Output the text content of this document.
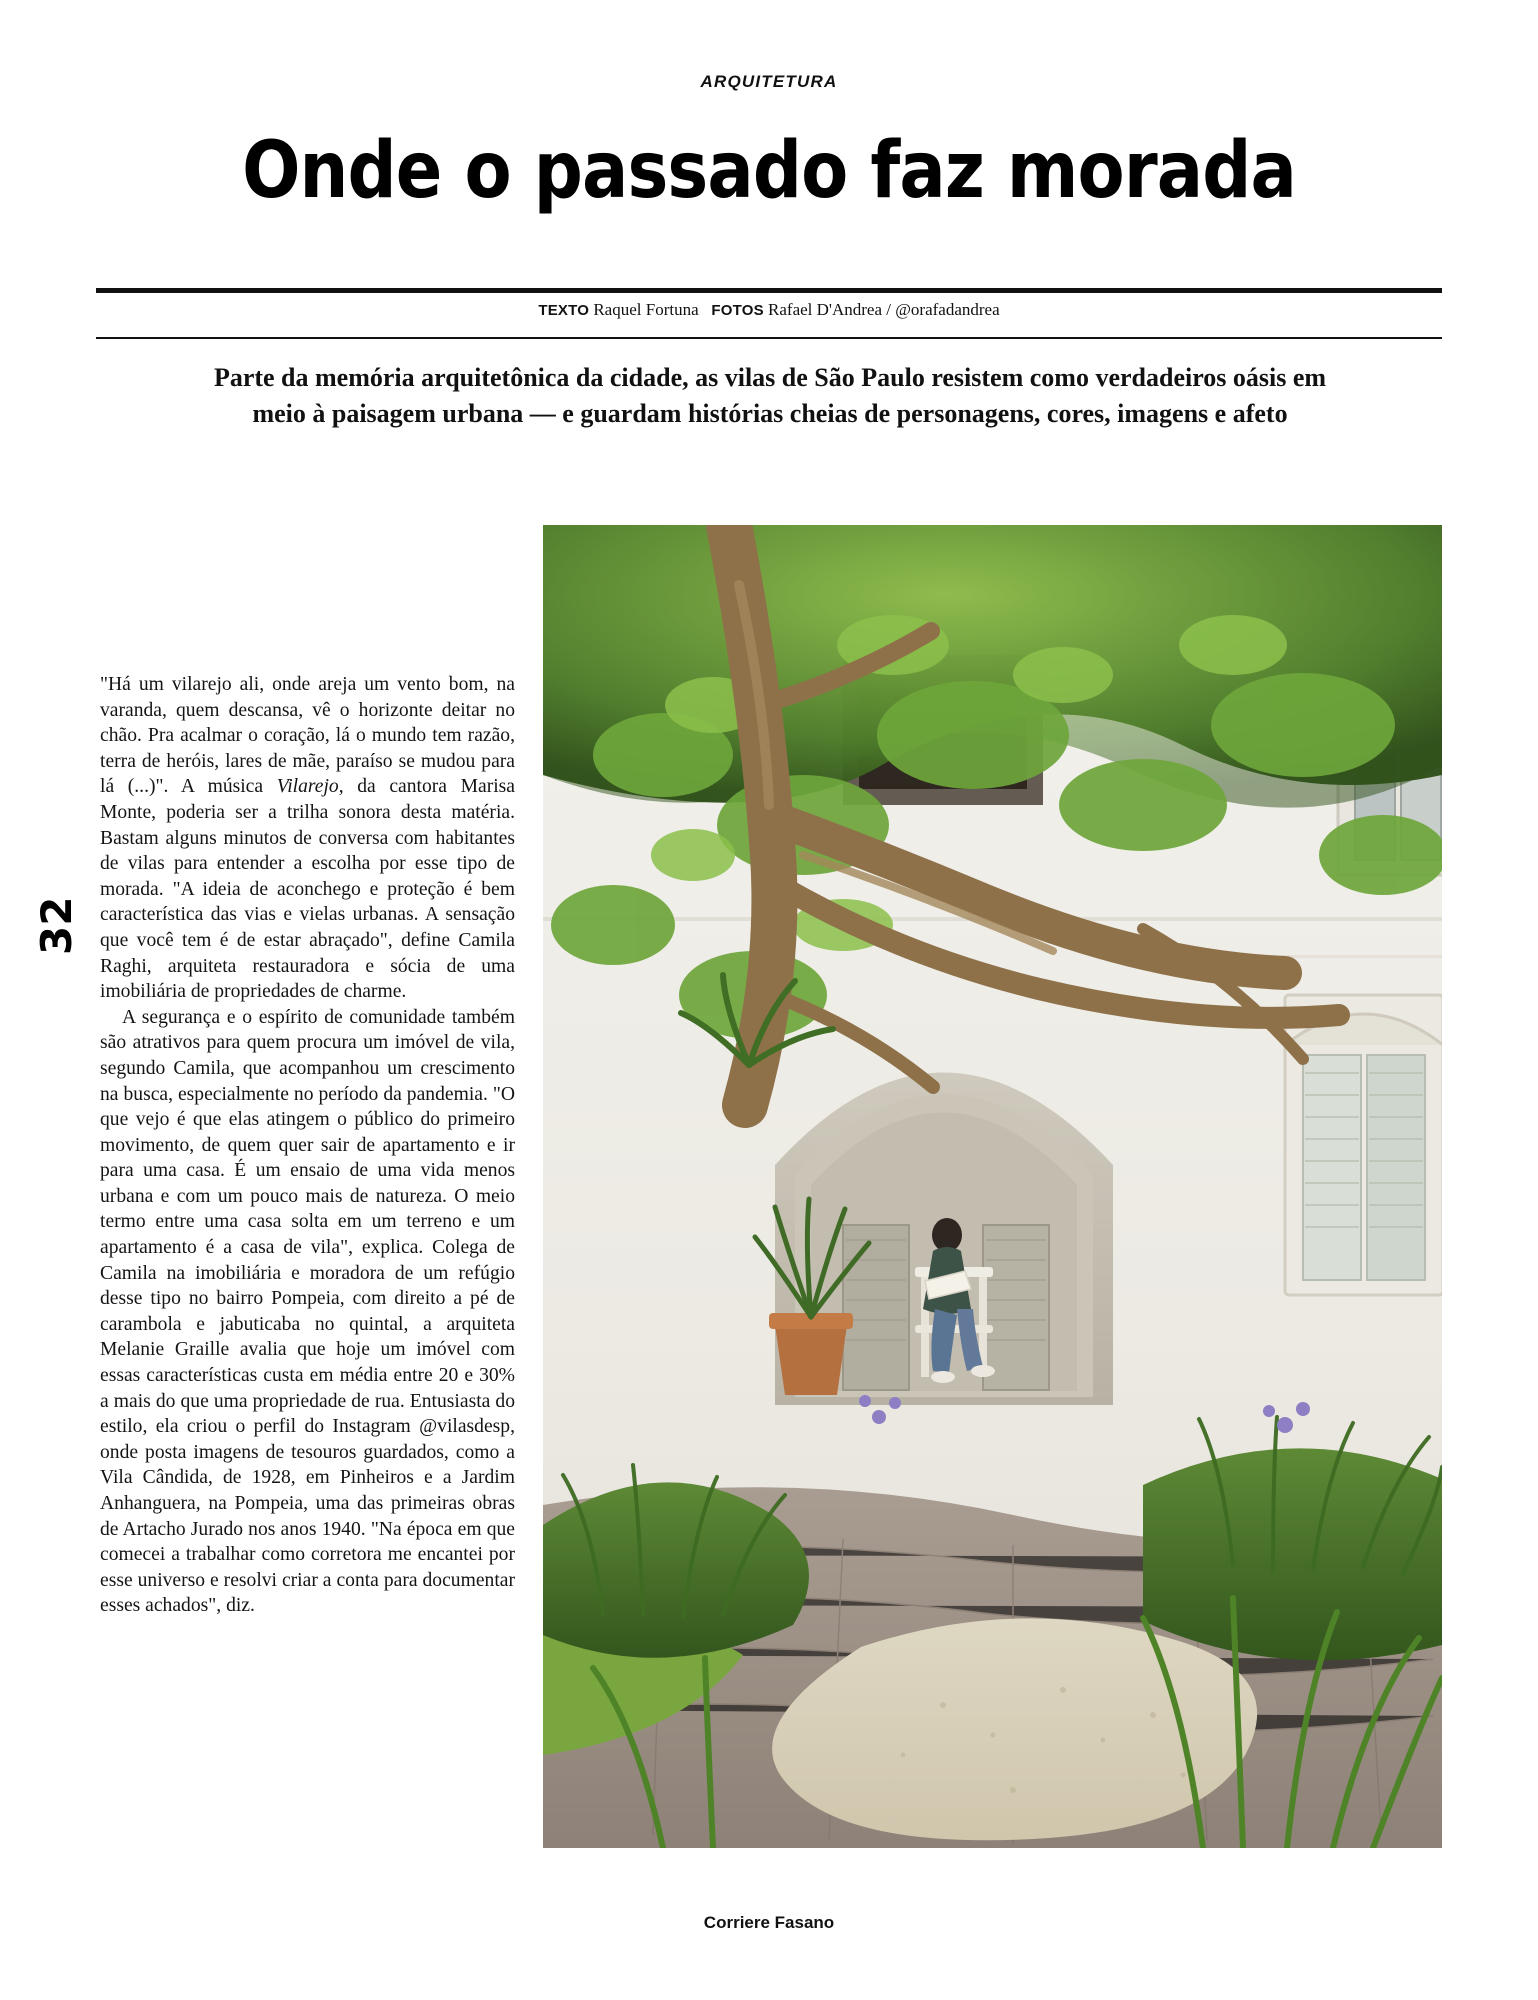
ARQUITETURA
Onde o passado faz morada
TEXTO Raquel Fortuna FOTOS Rafael D'Andrea / @orafadandrea
Parte da memória arquitetônica da cidade, as vilas de São Paulo resistem como verdadeiros oásis em meio à paisagem urbana — e guardam histórias cheias de personagens, cores, imagens e afeto
32

"Há um vilarejo ali, onde areja um vento bom, na varanda, quem descansa, vê o horizonte deitar no chão. Pra acalmar o coração, lá o mundo tem razão, terra de heróis, lares de mãe, paraíso se mudou para lá (...)". A música Vilarejo, da cantora Marisa Monte, poderia ser a trilha sonora desta matéria. Bastam alguns minutos de conversa com habitantes de vilas para entender a escolha por esse tipo de morada. "A ideia de aconchego e proteção é bem característica das vias e vielas urbanas. A sensação que você tem é de estar abraçado", define Camila Raghi, arquiteta restauradora e sócia de uma imobiliária de propriedades de charme.

A segurança e o espírito de comunidade também são atrativos para quem procura um imóvel de vila, segundo Camila, que acompanhou um crescimento na busca, especialmente no período da pandemia. "O que vejo é que elas atingem o público do primeiro movimento, de quem quer sair de apartamento e ir para uma casa. É um ensaio de uma vida menos urbana e com um pouco mais de natureza. O meio termo entre uma casa solta em um terreno e um apartamento é a casa de vila", explica. Colega de Camila na imobiliária e moradora de um refúgio desse tipo no bairro Pompeia, com direito a pé de carambola e jabuticaba no quintal, a arquiteta Melanie Graille avalia que hoje um imóvel com essas características custa em média entre 20 e 30% a mais do que uma propriedade de rua. Entusiasta do estilo, ela criou o perfil do Instagram @vilasdesp, onde posta imagens de tesouros guardados, como a Vila Cândida, de 1928, em Pinheiros e a Jardim Anhanguera, na Pompeia, uma das primeiras obras de Artacho Jurado nos anos 1940. "Na época em que comecei a trabalhar como corretora me encantei por esse universo e resolvi criar a conta para documentar esses achados", diz.

Corriere Fasano
